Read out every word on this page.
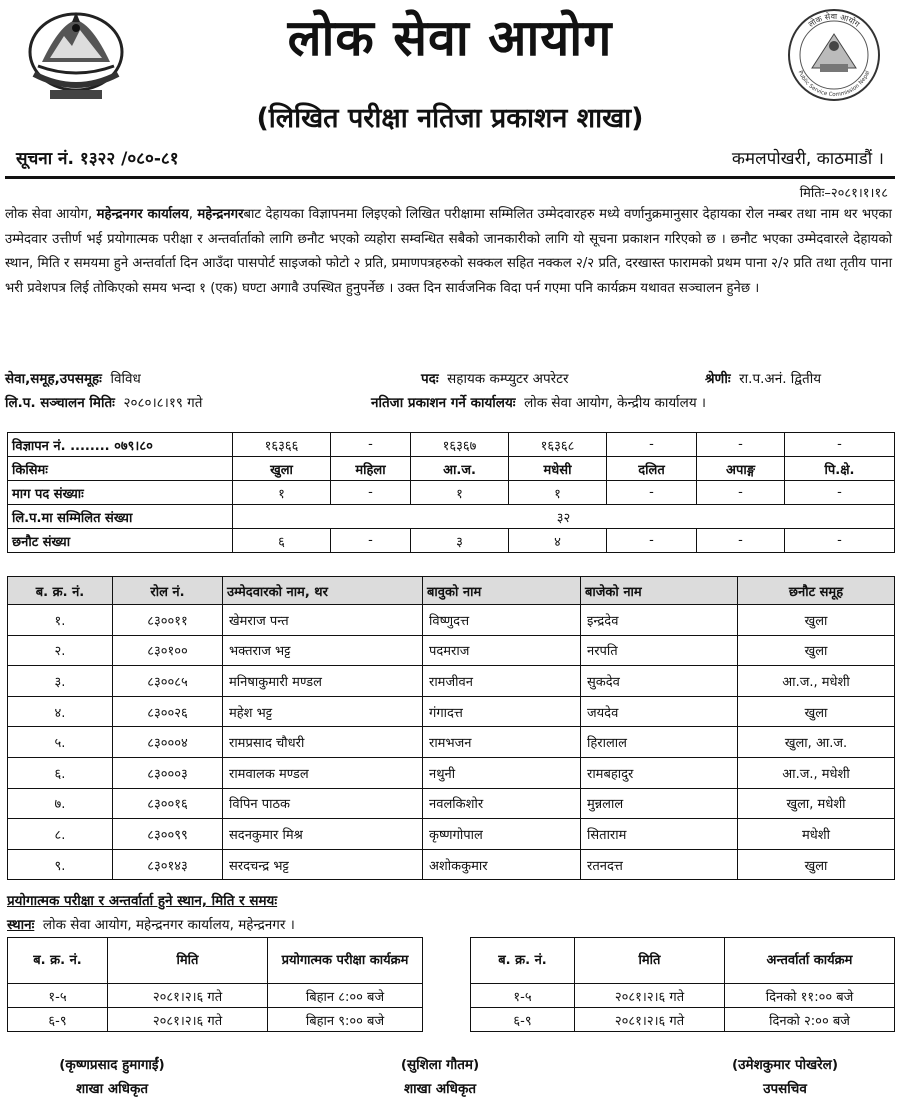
लोक सेवा आयोग	लोक सेवा आयोग
Public Service Commission Nepal
(लिखित परीक्षा नतिजा प्रकाशन शाखा)
सूचना नं. १३२२ /०८०-८१	कमलपोखरी, काठमाडौं ।
मितिः–२०८१।१।१८

लोक सेवा आयोग, महेन्द्रनगर कार्यालय, महेन्द्रनगरबाट देहायका विज्ञापनमा लिइएको लिखित परीक्षामा सम्मिलित उम्मेदवारहरु मध्ये वर्णानुक्रमानुसार देहायका रोल नम्बर तथा नाम थर भएका उम्मेदवार उत्तीर्ण भई प्रयोगात्मक परीक्षा र अन्तर्वार्ताको लागि छनौट भएको व्यहोरा सम्वन्धित सबैको जानकारीको लागि यो सूचना प्रकाशन गरिएको छ । छनौट भएका उम्मेदवारले देहायको स्थान, मिति र समयमा हुने अन्तर्वार्ता दिन आउँदा पासपोर्ट साइजको फोटो २ प्रति, प्रमाणपत्रहरुको सक्कल सहित नक्कल २/२ प्रति, दरखास्त फारामको प्रथम पाना २/२ प्रति तथा तृतीय पाना भरी प्रवेशपत्र लिई तोकिएको समय भन्दा १ (एक) घण्टा अगावै उपस्थित हुनुपर्नेछ । उक्त दिन सार्वजनिक विदा पर्न गएमा पनि कार्यक्रम यथावत सञ्चालन हुनेछ ।

सेवा,समूह,उपसमूहः विविध	पदः सहायक कम्प्युटर अपरेटर	श्रेणीः रा.प.अनं. द्वितीय
लि.प. सञ्चालन मितिः २०८०।८।१९ गते	नतिजा प्रकाशन गर्ने कार्यालयः लोक सेवा आयोग, केन्द्रीय कार्यालय ।
विज्ञापन नं. ........ ०७९।८०	१६३६६	-	१६३६७	१६३६८	-	-	-
किसिमः	खुला	महिला	आ.ज.	मधेसी	दलित	अपाङ्ग	पि.क्षे.
माग पद संख्याः	१	-	१	१	-	-	-
लि.प.मा सम्मिलित संख्या	३२						
छनौट संख्या	६	-	३	४	-	-	-
ब. क्र. नं.	रोल नं.	उम्मेदवारको नाम, थर	बावुको नाम	बाजेको नाम	छनौट समूह
१.	८३००११	खेमराज पन्त	विष्णुदत्त	इन्द्रदेव	खुला
२.	८३०१००	भक्तराज भट्ट	पदमराज	नरपति	खुला
३.	८३००८५	मनिषाकुमारी मण्डल	रामजीवन	सुकदेव	आ.ज., मधेशी
४.	८३००२६	महेश भट्ट	गंगादत्त	जयदेव	खुला
५.	८३०००४	रामप्रसाद चौधरी	रामभजन	हिरालाल	खुला, आ.ज.
६.	८३०००३	रामवालक मण्डल	नथुनी	रामबहादुर	आ.ज., मधेशी
७.	८३००१६	विपिन पाठक	नवलकिशोर	मुन्नलाल	खुला, मधेशी
८.	८३००९९	सदनकुमार मिश्र	कृष्णगोपाल	सिताराम	मधेशी
९.	८३०१४३	सरदचन्द्र भट्ट	अशोककुमार	रतनदत्त	खुला
प्रयोगात्मक परीक्षा र अन्तर्वार्ता हुने स्थान, मिति र समयः
स्थानः लोक सेवा आयोग, महेन्द्रनगर कार्यालय, महेन्द्रनगर ।
ब. क्र. नं.	मिति	प्रयोगात्मक परीक्षा कार्यक्रम
१-५	२०८१।२।६ गते	बिहान ८:०० बजे
६-९	२०८१।२।६ गते	बिहान ९:०० बजे
ब. क्र. नं.	मिति	अन्तर्वार्ता कार्यक्रम
१-५	२०८१।२।६ गते	दिनको ११:०० बजे
६-९	२०८१।२।६ गते	दिनको २:०० बजे
(कृष्णप्रसाद हुमागाईं)
शाखा अधिकृत
(सुशिला गौतम)
शाखा अधिकृत
(उमेशकुमार पोखरेल)
उपसचिव
